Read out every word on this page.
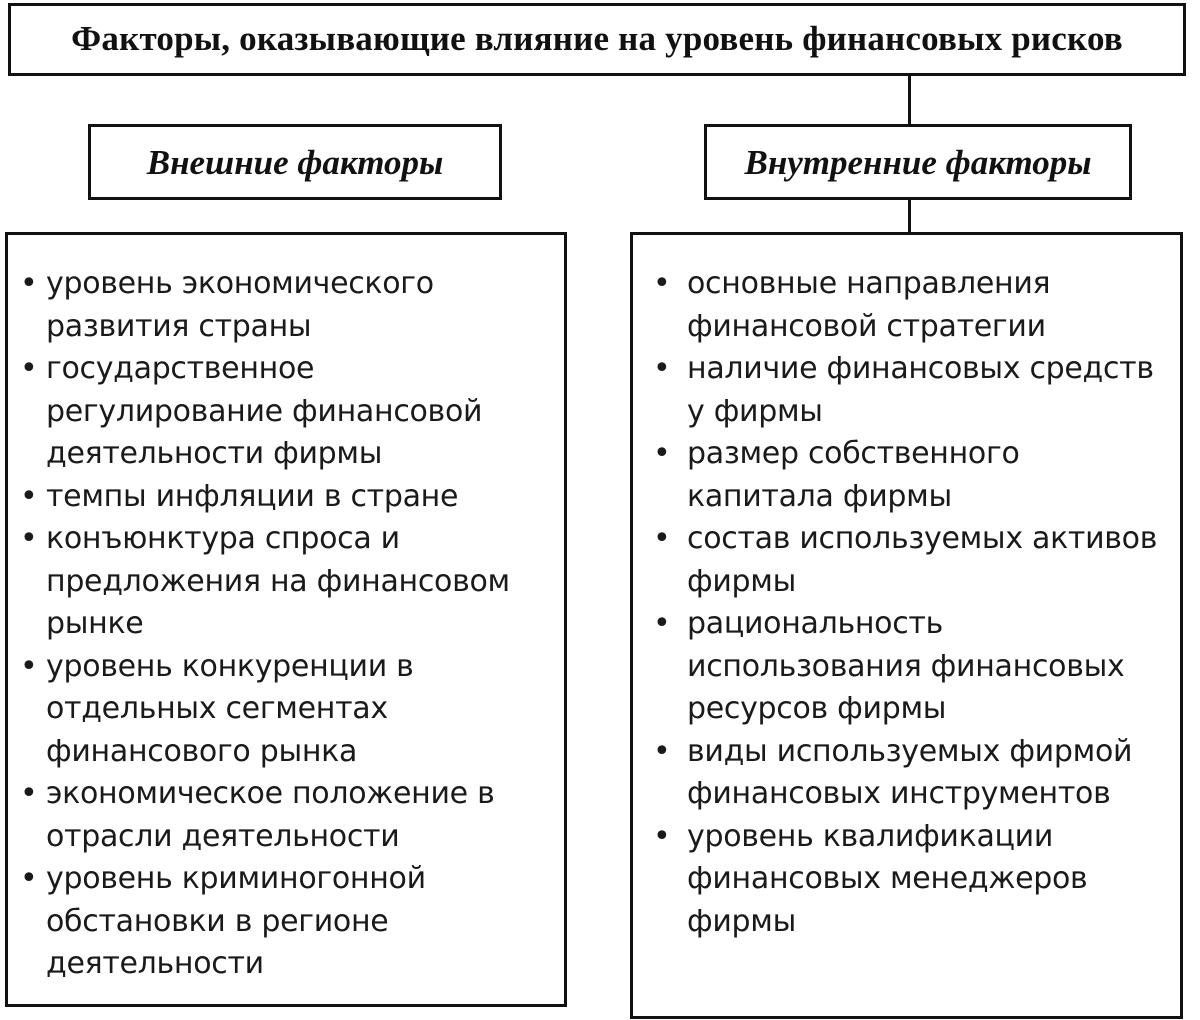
Факторы, оказывающие влияние на уровень финансовых рисков
Внешние факторы	Внутренние факторы
• уровень экономического развития страны
• государственное регулирование финансовой деятельности фирмы
• темпы инфляции в стране
• конъюнктура спроса и предложения на финансовом рынке
• уровень конкуренции в отдельных сегментах финансового рынка
• экономическое положение в отрасли деятельности
• уровень криминогонной обстановки в регионе деятельности
• основные направления финансовой стратегии
• наличие финансовых средств у фирмы
• размер собственного капитала фирмы
• состав используемых активов фирмы
• рациональность использования финансовых ресурсов фирмы
• виды используемых фирмой финансовых инструментов
• уровень квалификации финансовых менеджеров фирмы
